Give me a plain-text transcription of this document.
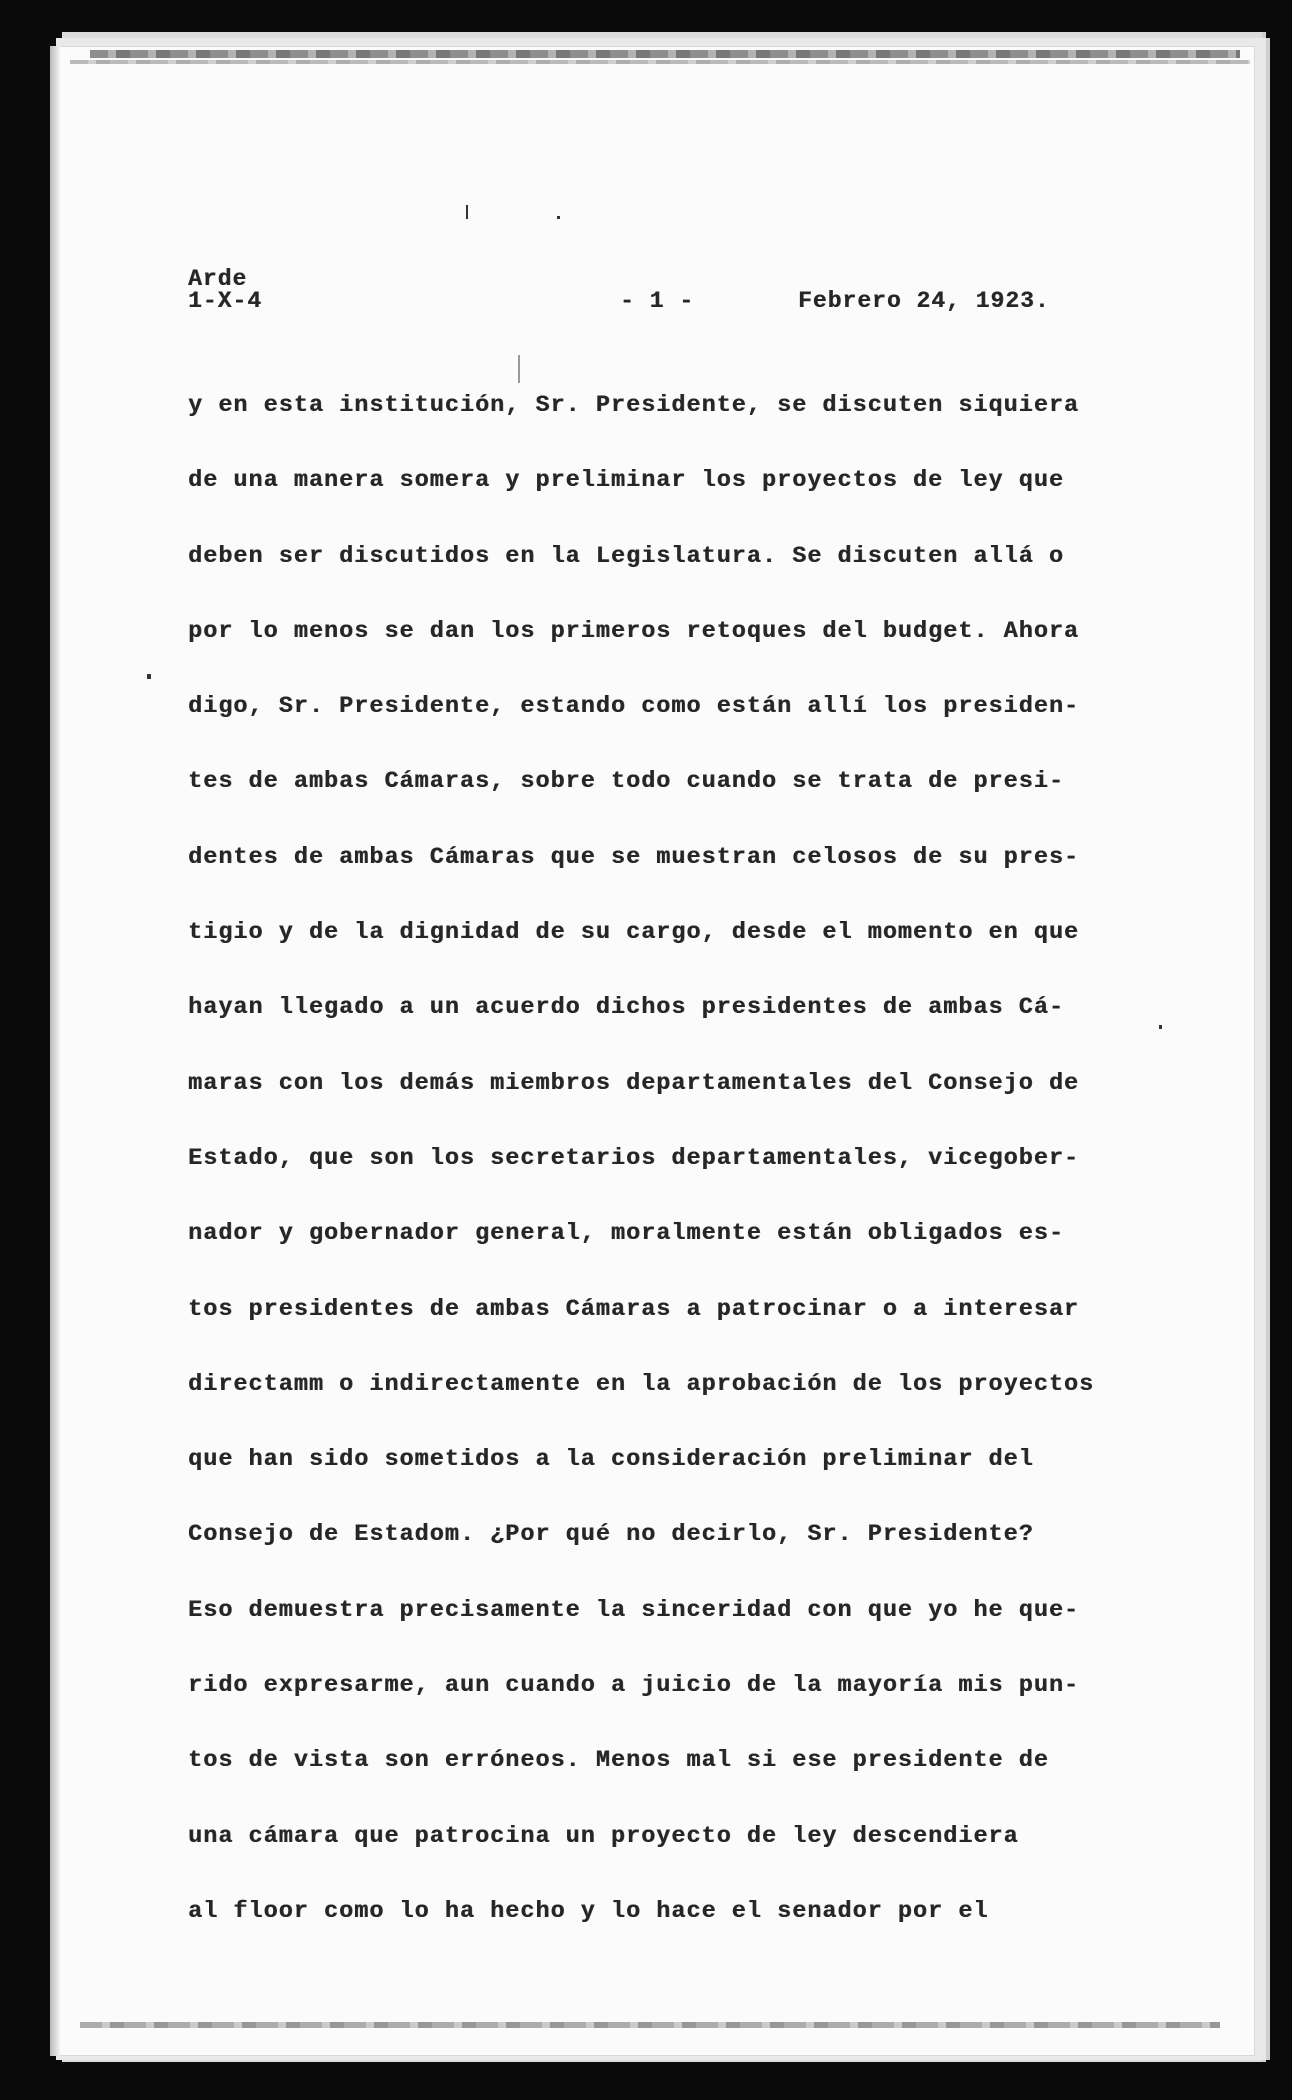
Arde
1-X-4	- 1 -	Febrero 24, 1923.
y en esta institución, Sr. Presidente, se discuten siquiera
de una manera somera y preliminar los proyectos de ley que
deben ser discutidos en la Legislatura. Se discuten allá o
por lo menos se dan los primeros retoques del budget. Ahora
digo, Sr. Presidente, estando como están allí los presiden-
tes de ambas Cámaras, sobre todo cuando se trata de presi-
dentes de ambas Cámaras que se muestran celosos de su pres-
tigio y de la dignidad de su cargo, desde el momento en que
hayan llegado a un acuerdo dichos presidentes de ambas Cá-
maras con los demás miembros departamentales del Consejo de
Estado, que son los secretarios departamentales, vicegober-
nador y gobernador general, moralmente están obligados es-
tos presidentes de ambas Cámaras a patrocinar o a interesar
directamm o indirectamente en la aprobación de los proyectos
que han sido sometidos a la consideración preliminar del
Consejo de Estadom. ¿Por qué no decirlo, Sr. Presidente?
Eso demuestra precisamente la sinceridad con que yo he que-
rido expresarme, aun cuando a juicio de la mayoría mis pun-
tos de vista son erróneos. Menos mal si ese presidente de
una cámara que patrocina un proyecto de ley descendiera
al floor como lo ha hecho y lo hace el senador por el
